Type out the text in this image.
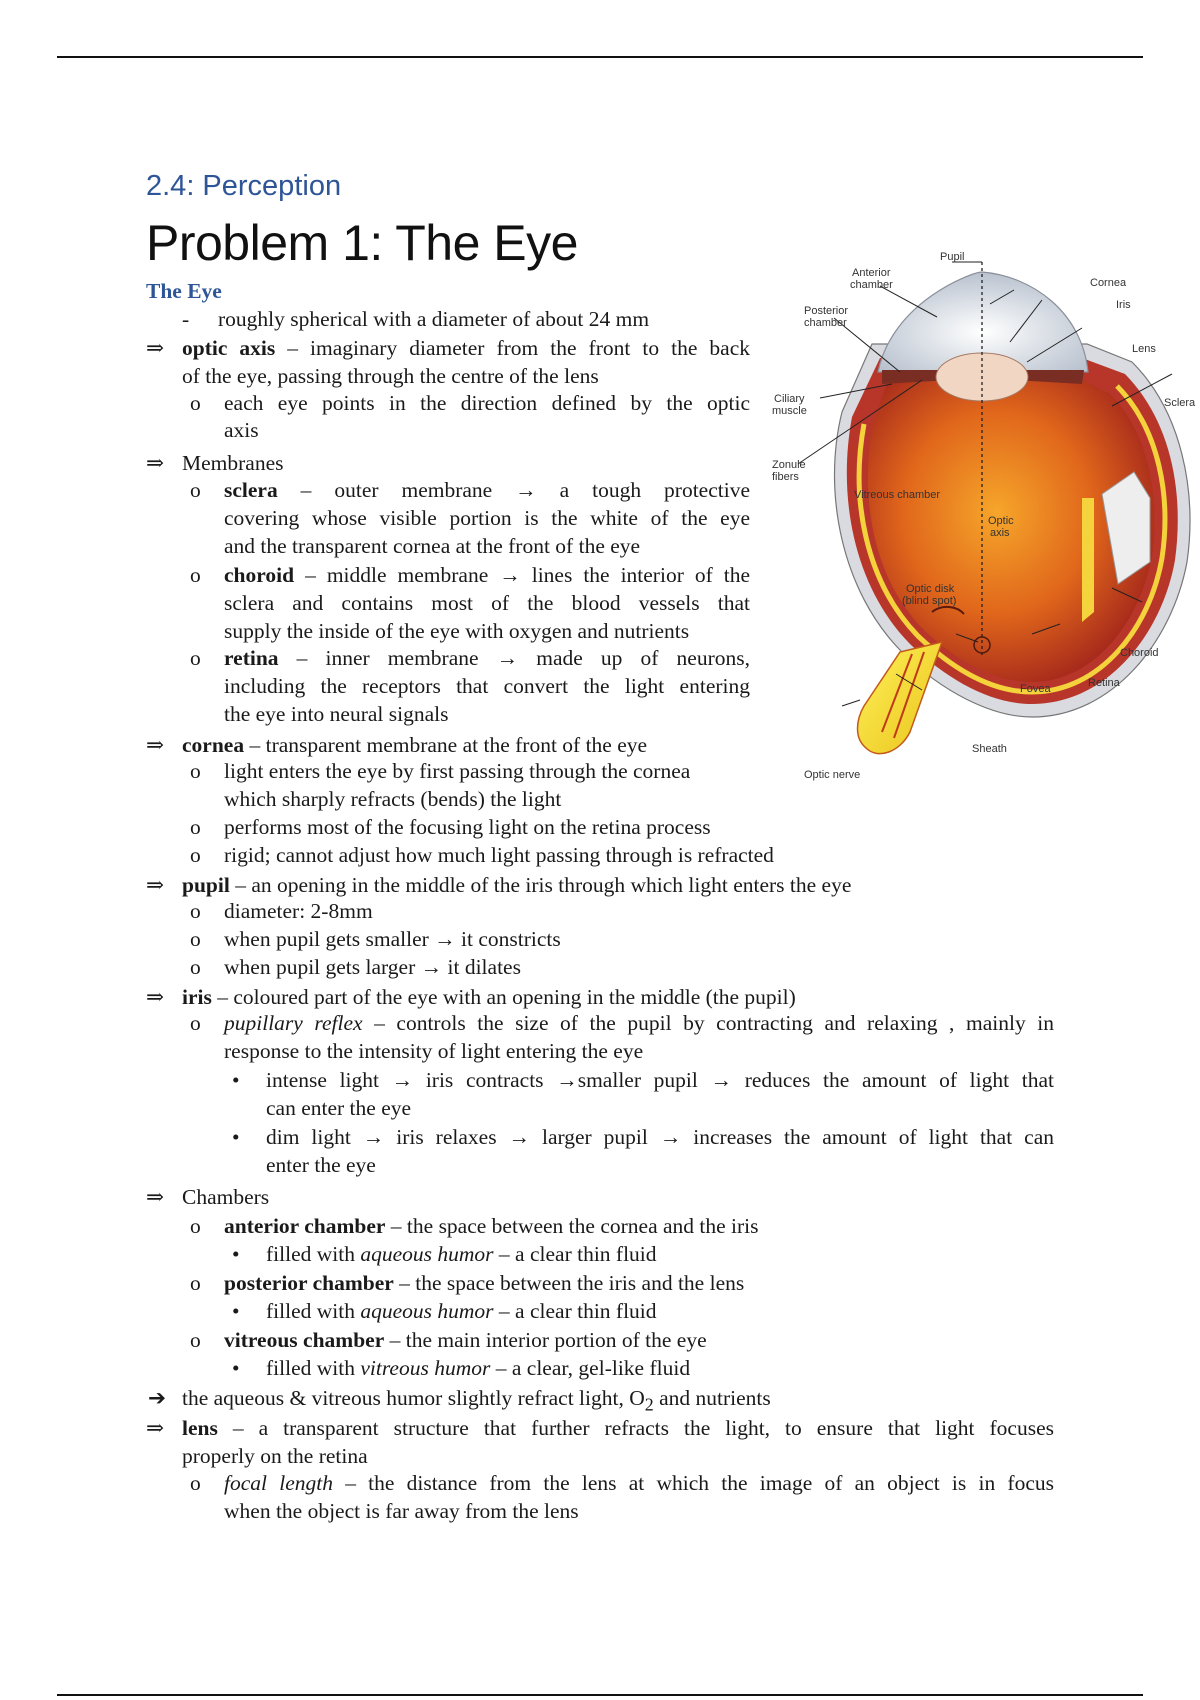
2.4: Perception
Problem 1: The Eye	Pupil
Anterior
chamber	Cornea
Iris
Posterior
chamber
Lens
Ciliary
muscle
Sclera
Zonule
fibers
Vitreous chamber
Optic
axis
Optic disk
(blind spot)
Choroid
Retina
Fovea
Sheath
Optic nerve
The Eye
- roughly spherical with a diameter of about 24 mm
⇒ optic axis – imaginary diameter from the front to the back
of the eye, passing through the centre of the lens
o each eye points in the direction defined by the optic
axis
⇒ Membranes
o sclera – outer membrane → a tough protective
covering whose visible portion is the white of the eye
and the transparent cornea at the front of the eye
o choroid – middle membrane → lines the interior of the
sclera and contains most of the blood vessels that
supply the inside of the eye with oxygen and nutrients
o retina – inner membrane → made up of neurons,
including the receptors that convert the light entering
the eye into neural signals
⇒ cornea – transparent membrane at the front of the eye
o light enters the eye by first passing through the cornea
which sharply refracts (bends) the light
o performs most of the focusing light on the retina process
o rigid; cannot adjust how much light passing through is refracted
⇒ pupil – an opening in the middle of the iris through which light enters the eye
o diameter: 2-8mm
o when pupil gets smaller → it constricts
o when pupil gets larger → it dilates
⇒ iris – coloured part of the eye with an opening in the middle (the pupil)
o pupillary reflex – controls the size of the pupil by contracting and relaxing , mainly in
response to the intensity of light entering the eye
• intense light → iris contracts →smaller pupil → reduces the amount of light that
can enter the eye
• dim light → iris relaxes → larger pupil → increases the amount of light that can
enter the eye
⇒ Chambers
o anterior chamber – the space between the cornea and the iris
• filled with aqueous humor – a clear thin fluid
o posterior chamber – the space between the iris and the lens
• filled with aqueous humor – a clear thin fluid
o vitreous chamber – the main interior portion of the eye
• filled with vitreous humor – a clear, gel-like fluid
➔ the aqueous & vitreous humor slightly refract light, $O_2$ and nutrients
⇒ lens – a transparent structure that further refracts the light, to ensure that light focuses
properly on the retina
o focal length – the distance from the lens at which the image of an object is in focus
when the object is far away from the lens
